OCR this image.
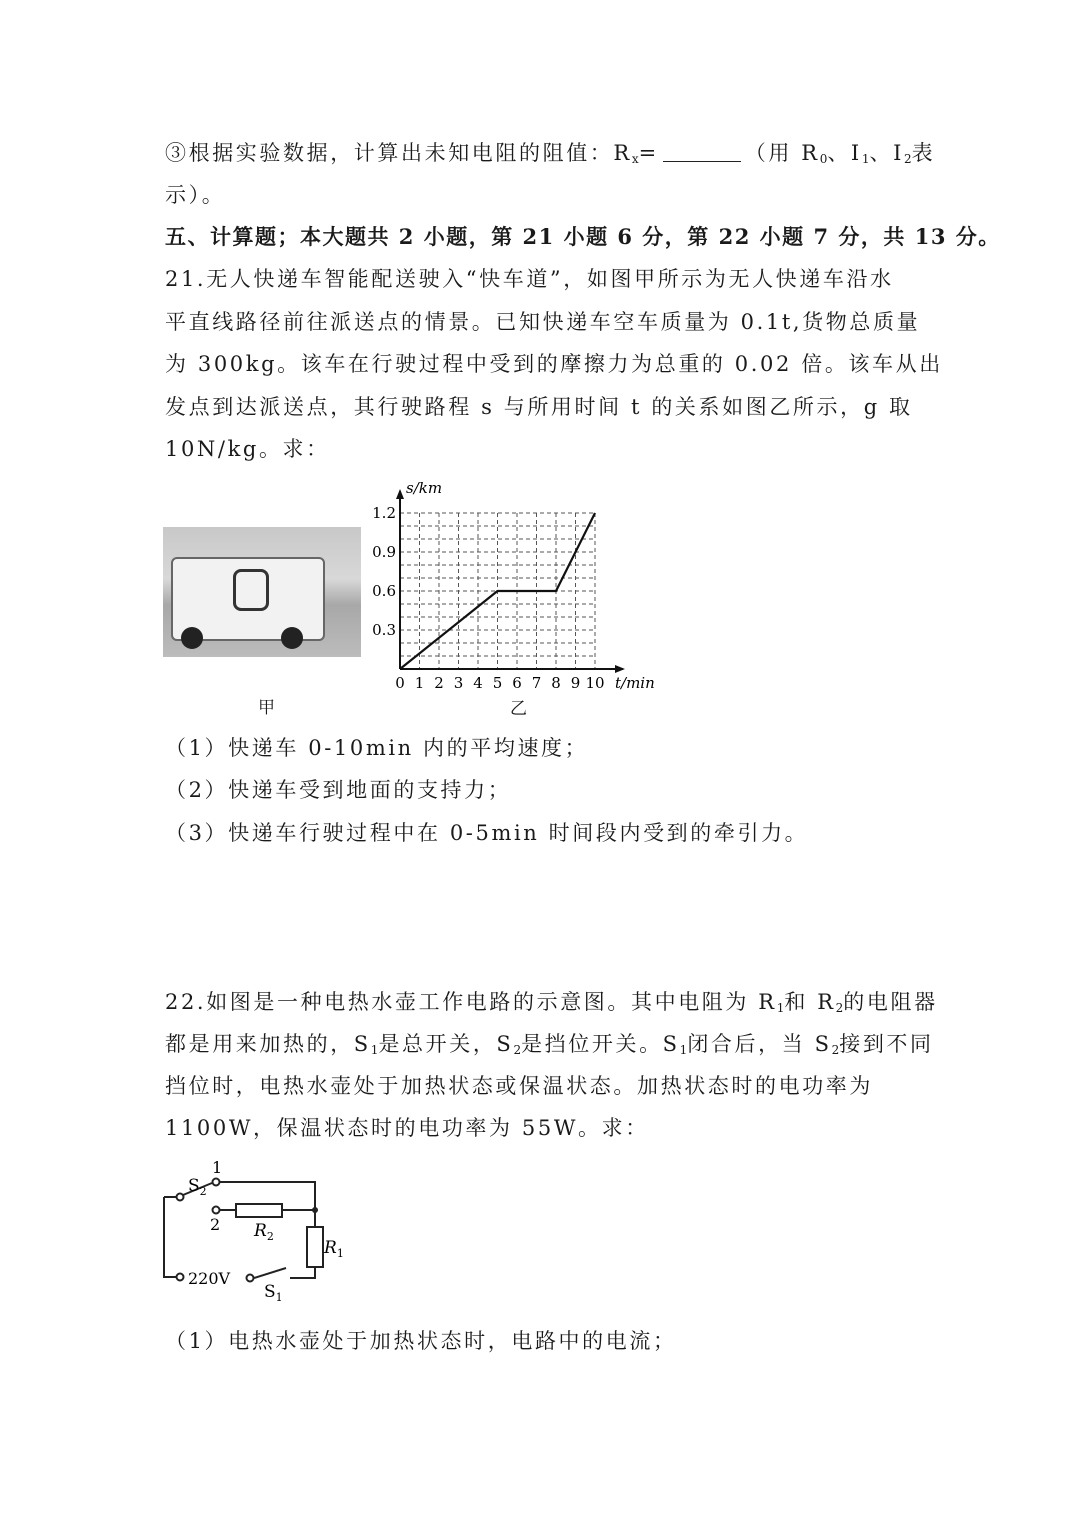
③根据实验数据，计算出未知电阻的阻值：$R_x=$	（用 $R_0$、$I_1$、$I_2$表
示）。
五、计算题；本大题共 2 小题，第 21 小题 6 分，第 22 小题 7 分，共 13 分。
21.无人快递车智能配送驶入“快车道”，如图甲所示为无人快递车沿水
平直线路径前往派送点的情景。已知快递车空车质量为 0.1t,货物总质量
为 300kg。该车在行驶过程中受到的摩擦力为总重的 0.02 倍。该车从出
发点到达派送点，其行驶路程 s 与所用时间 t 的关系如图乙所示，g 取
10N/kg。求：
甲	乙
s/km
t/min
0 1 2 3 4 5 6 7 8 9 10
0.3
0.6
0.9
1.2
（1）快递车 0-10min 内的平均速度；
（2）快递车受到地面的支持力；
（3）快递车行驶过程中在 0-5min 时间段内受到的牵引力。
22.如图是一种电热水壶工作电路的示意图。其中电阻为 $R_1$和 $R_2$的电阻器
都是用来加热的，$S_1$是总开关，$S_2$是挡位开关。$S_1$闭合后，当 $S_2$接到不同
挡位时，电热水壶处于加热状态或保温状态。加热状态时的电功率为
1100W，保温状态时的电功率为 55W。求：
$S_2$
1
2 $R_2$
$R_1$
220V
$S_1$
（1）电热水壶处于加热状态时，电路中的电流；
